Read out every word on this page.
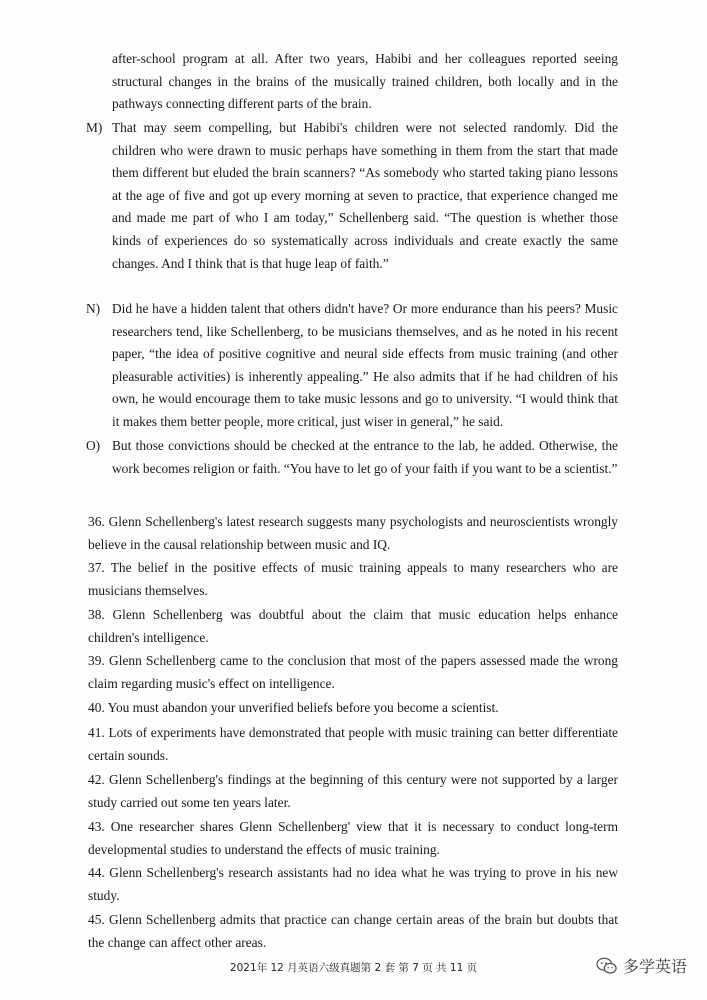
after-school program at all. After two years, Habibi and her colleagues reported seeing structural changes in the brains of the musically trained children, both locally and in the pathways connecting different parts of the brain.
M) That may seem compelling, but Habibi's children were not selected randomly. Did the children who were drawn to music perhaps have something in them from the start that made them different but eluded the brain scanners? “As somebody who started taking piano lessons at the age of five and got up every morning at seven to practice, that experience changed me and made me part of who I am today,” Schellenberg said. “The question is whether those kinds of experiences do so systematically across individuals and create exactly the same changes. And I think that is that huge leap of faith.”
N) Did he have a hidden talent that others didn't have? Or more endurance than his peers? Music researchers tend, like Schellenberg, to be musicians themselves, and as he noted in his recent paper, “the idea of positive cognitive and neural side effects from music training (and other pleasurable activities) is inherently appealing.” He also admits that if he had children of his own, he would encourage them to take music lessons and go to university. “I would think that it makes them better people, more critical, just wiser in general,” he said.
O) But those convictions should be checked at the entrance to the lab, he added. Otherwise, the work becomes religion or faith. “You have to let go of your faith if you want to be a scientist.”
36. Glenn Schellenberg's latest research suggests many psychologists and neuroscientists wrongly believe in the causal relationship between music and IQ.
37. The belief in the positive effects of music training appeals to many researchers who are musicians themselves.
38. Glenn Schellenberg was doubtful about the claim that music education helps enhance children's intelligence.
39. Glenn Schellenberg came to the conclusion that most of the papers assessed made the wrong claim regarding music's effect on intelligence.
40. You must abandon your unverified beliefs before you become a scientist.
41. Lots of experiments have demonstrated that people with music training can better differentiate certain sounds.
42. Glenn Schellenberg's findings at the beginning of this century were not supported by a larger study carried out some ten years later.
43. One researcher shares Glenn Schellenberg' view that it is necessary to conduct long-term developmental studies to understand the effects of music training.
44. Glenn Schellenberg's research assistants had no idea what he was trying to prove in his new study.
45. Glenn Schellenberg admits that practice can change certain areas of the brain but doubts that the change can affect other areas.
2021年 12 月英语六级真题第 2 套 第 7 页 共 11 页	多学英语
